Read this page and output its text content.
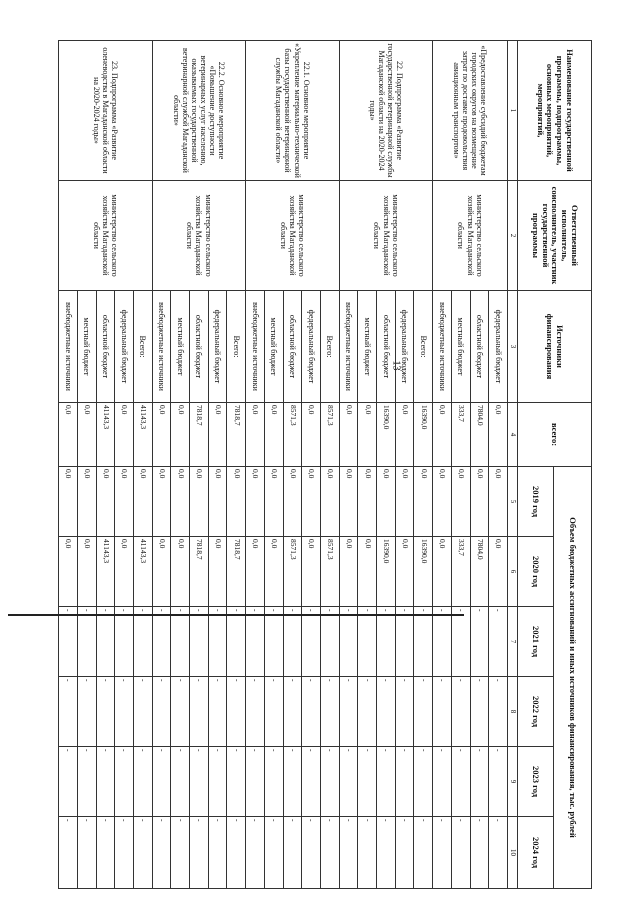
13
Наименование государственной программы, подпрограммы, основных мероприятий, мероприятий,	Ответственный исполнитель, соисполнитель, участник государственной программы	Источники финансирования	всего:	Объем бюджетных ассигнований и иных источников финансирования, тыс. рублей					
				2019 год	2020 год	2021 год	2022 год	2023 год	2024 год
1	2	3	4	5	6	7	8	9	10
«Предоставление субсидий бюджетам городских округов на возмещение затрат по доставке продовольствия авиационным транспортом»	министерство сельского хозяйства Магаданской области	федеральный бюджет	0,0	0,0	0,0	-	-	-	-
		областной бюджет	7804,0	0,0	7804,0	-	-	-	-
		местный бюджет	333,7	0,0	333,7	-	-	-	-
		внебюджетные источники	0,0	0,0	0,0	-	-	-	-
22. Подпрограмма «Развитие государственной ветеринарной службы Магаданской области на 2020-2024 годы»	министерство сельского хозяйства Магаданской области	Всего:	16390,0	0,0	16390,0	-	-	-	-
		федеральный бюджет	0,0	0,0	0,0	-	-	-	-
		областной бюджет	16390,0	0,0	16390,0	-	-	-	-
		местный бюджет	0,0	0,0	0,0	-	-	-	-
		внебюджетные источники	0,0	0,0	0,0	-	-	-	-
22.1. Основное мероприятие «Укрепление материально-технической базы государственной ветеринарной службы Магаданской области»	министерство сельского хозяйства Магаданской области	Всего:	8571,3	0,0	8571,3	-	-	-	-
		федеральный бюджет	0,0	0,0	0,0	-	-	-	-
		областной бюджет	8571,3	0,0	8571,3	-	-	-	-
		местный бюджет	0,0	0,0	0,0	-	-	-	-
		внебюджетные источники	0,0	0,0	0,0	-	-	-	-
22.2. Основное мероприятие «Повышение доступности ветеринарных услуг населению, оказываемых государственной ветеринарной службой Магаданской области»	министерство сельского хозяйства Магаданской области	Всего:	7818,7	0,0	7818,7	-	-	-	-
		федеральный бюджет	0,0	0,0	0,0	-	-	-	-
		областной бюджет	7818,7	0,0	7818,7	-	-	-	-
		местный бюджет	0,0	0,0	0,0	-	-	-	-
		внебюджетные источники	0,0	0,0	0,0	-	-	-	-
23. Подпрограмма «Развитие оленеводства в Магаданской области на 2020-2024 годы»	министерство сельского хозяйства Магаданской области	Всего:	41143,3	0,0	41143,3	-	-	-	-
		федеральный бюджет	0,0	0,0	0,0	-	-	-	-
		областной бюджет	41143,3	0,0	41143,3	-	-	-	-
		местный бюджет	0,0	0,0	0,0	-	-	-	-
		внебюджетные источники	0,0	0,0	0,0	-	-	-	-
